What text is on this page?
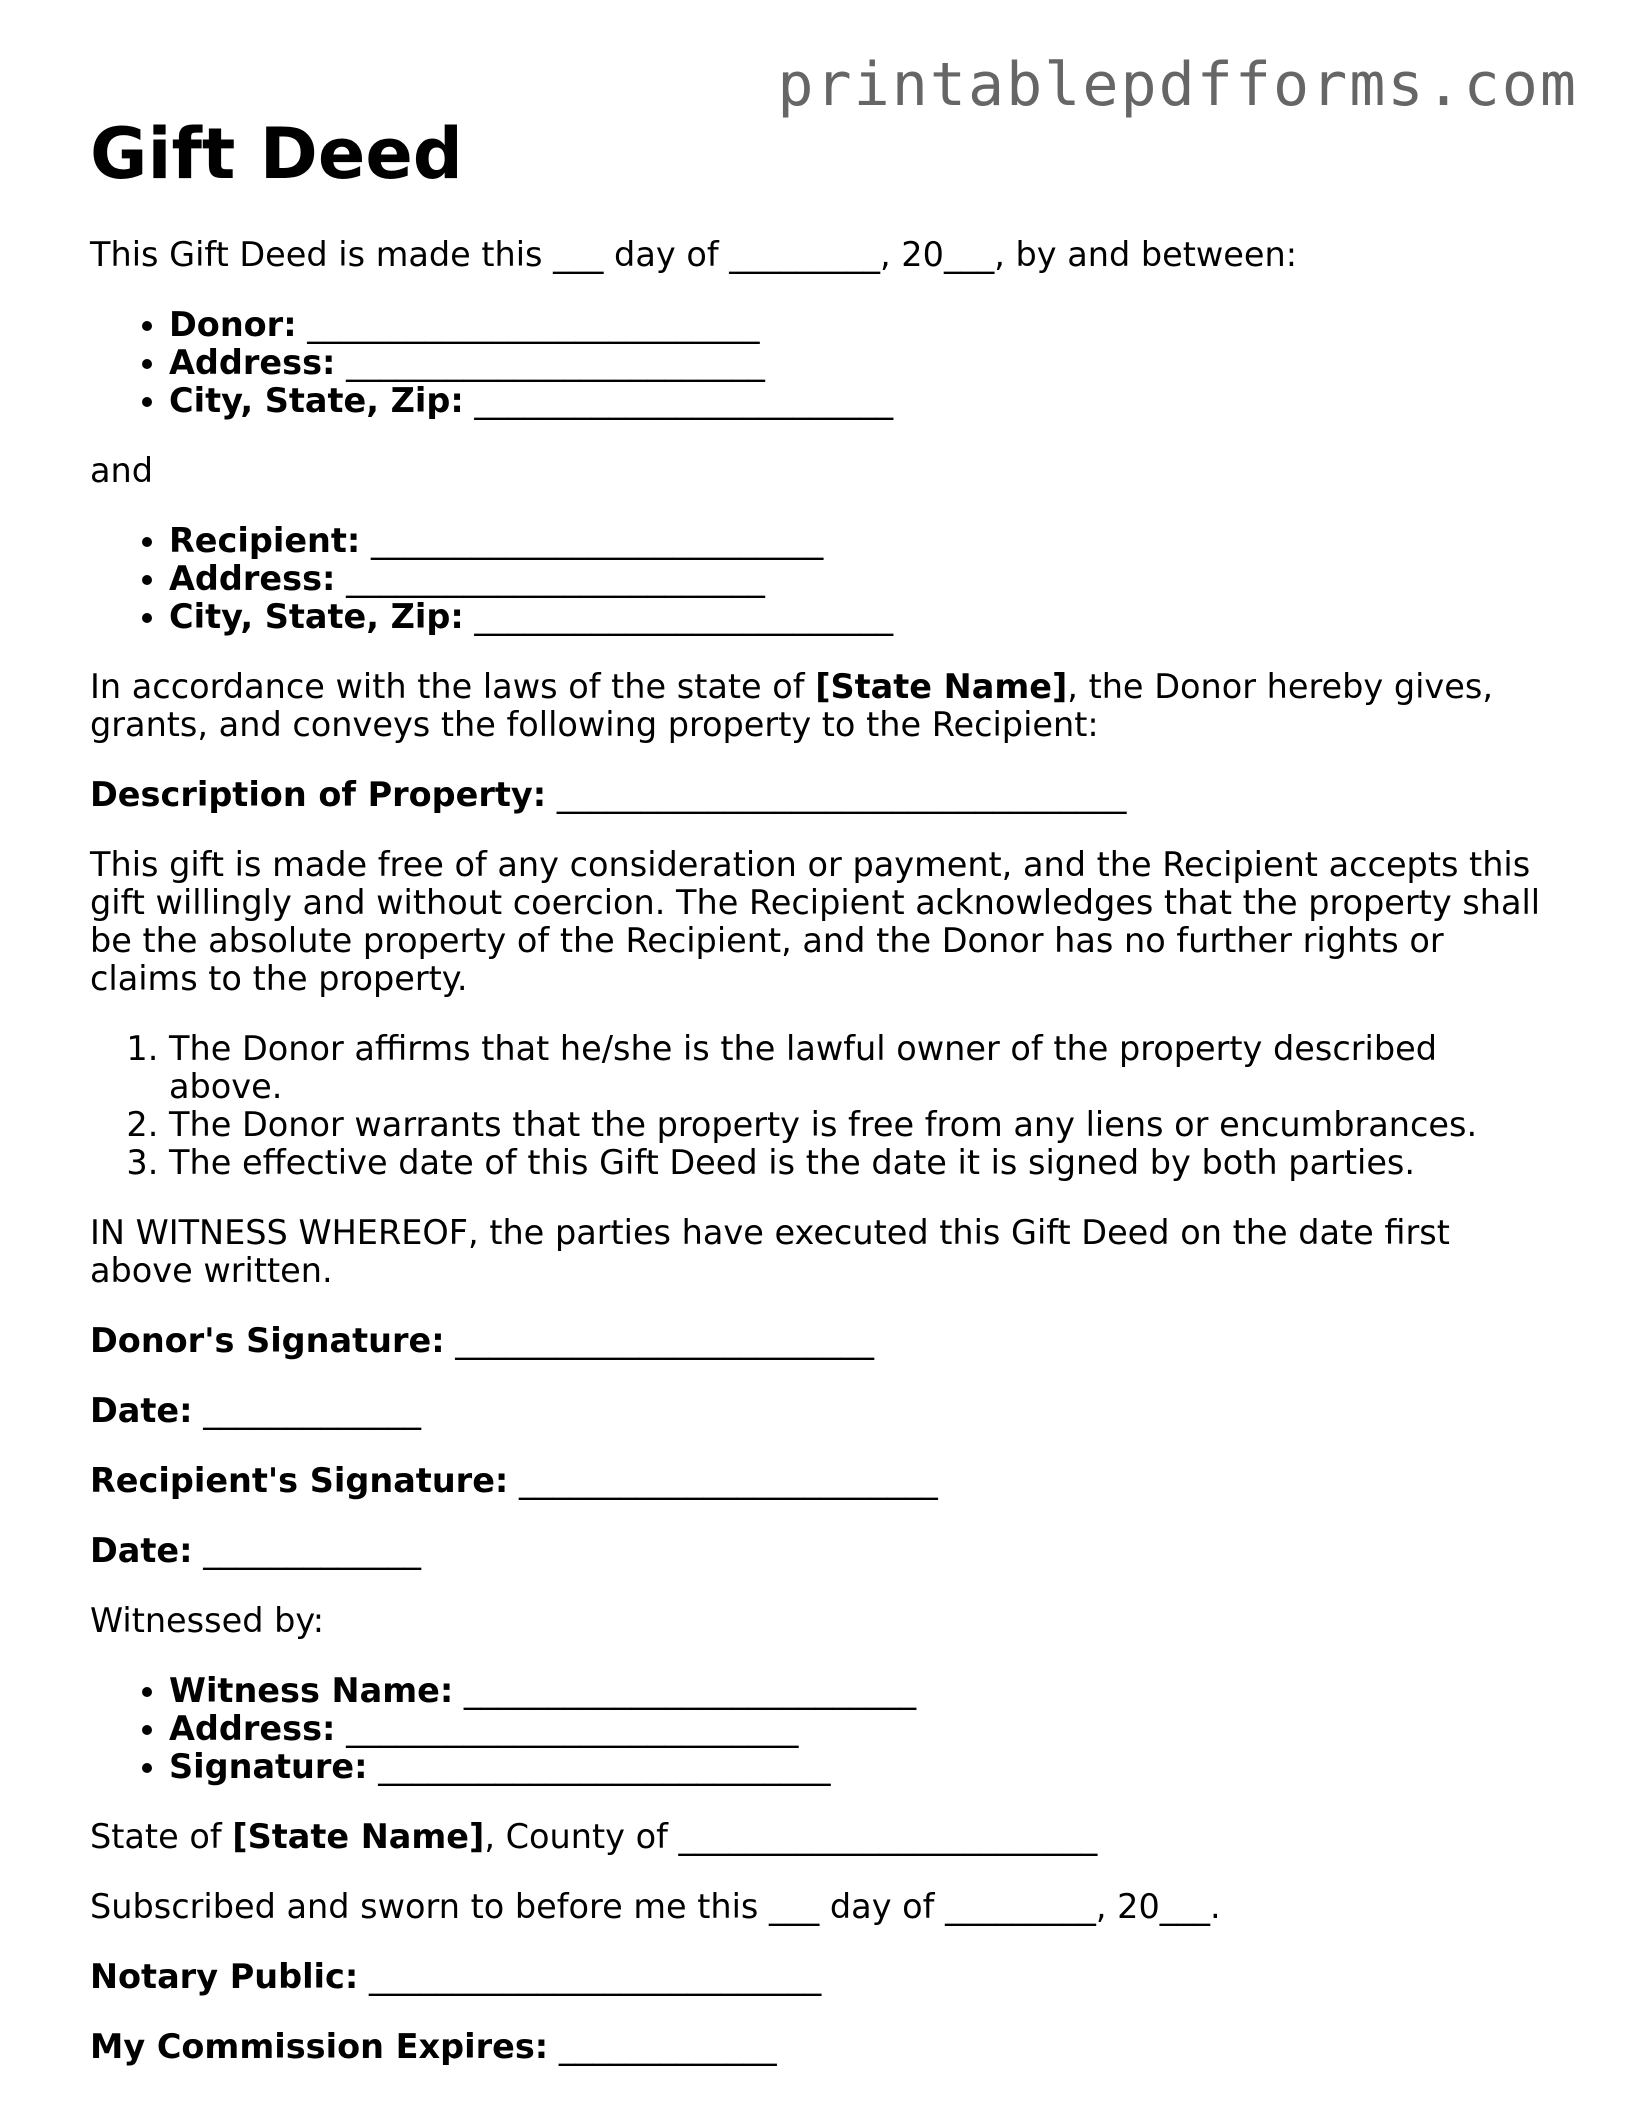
printablepdfforms.com
Gift Deed

This Gift Deed is made this ___ day of _________, 20___, by and between:

• Donor: ___________________________
• Address: _________________________
• City, State, Zip: _________________________

and

• Recipient: ___________________________
• Address: _________________________
• City, State, Zip: _________________________

In accordance with the laws of the state of [State Name], the Donor hereby gives, grants, and conveys the following property to the Recipient:

Description of Property: __________________________________

This gift is made free of any consideration or payment, and the Recipient accepts this gift willingly and without coercion. The Recipient acknowledges that the property shall be the absolute property of the Recipient, and the Donor has no further rights or claims to the property.

1. The Donor affirms that he/she is the lawful owner of the property described above.
2. The Donor warrants that the property is free from any liens or encumbrances.
3. The effective date of this Gift Deed is the date it is signed by both parties.

IN WITNESS WHEREOF, the parties have executed this Gift Deed on the date first above written.

Donor's Signature: _________________________

Date: _____________

Recipient's Signature: _________________________

Date: _____________

Witnessed by:

• Witness Name: ___________________________
• Address: ___________________________
• Signature: ___________________________

State of [State Name], County of _________________________

Subscribed and sworn to before me this ___ day of _________, 20___.

Notary Public: ___________________________

My Commission Expires: _____________
